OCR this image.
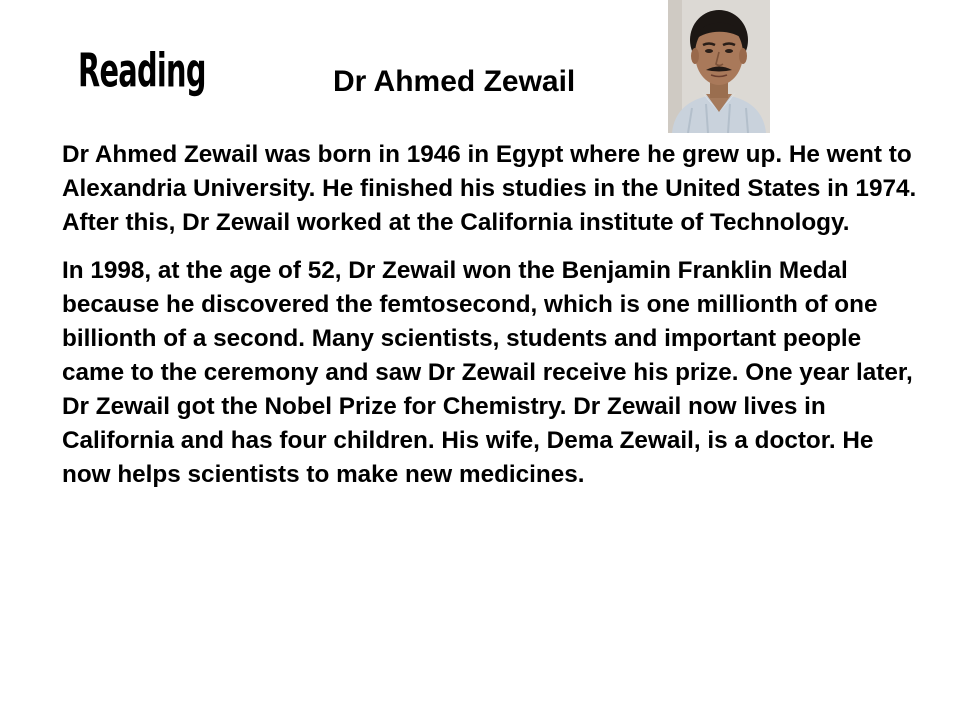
Reading	Dr Ahmed Zewail

Dr Ahmed Zewail was born in 1946 in Egypt where he grew up. He went to Alexandria University. He finished his studies in the United States in 1974. After this, Dr Zewail worked at the California institute of Technology.

In 1998, at the age of 52, Dr Zewail won the Benjamin Franklin Medal because he discovered the femtosecond, which is one millionth of one billionth of a second. Many scientists, students and important people came to the ceremony and saw Dr Zewail receive his prize. One year later, Dr Zewail got the Nobel Prize for Chemistry. Dr Zewail now lives in California and has four children. His wife, Dema Zewail, is a doctor. He now helps scientists to make new medicines.
